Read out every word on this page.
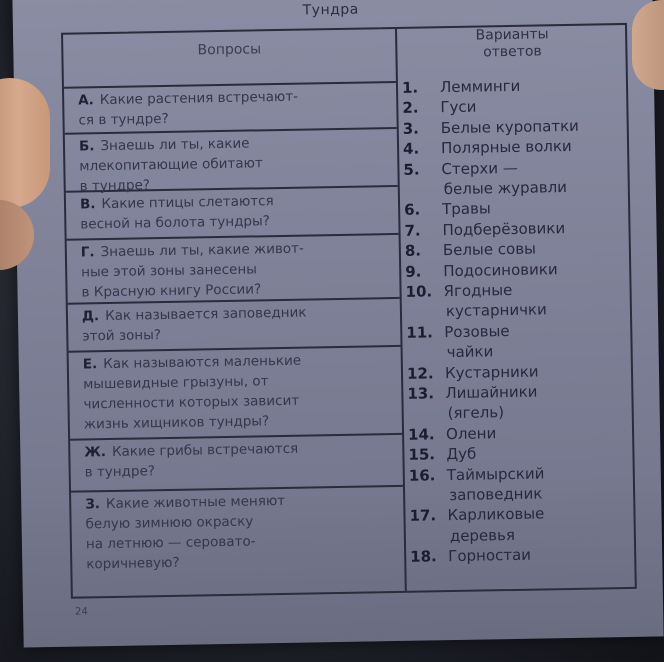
Тундра
Вопросы
Варианты
ответов
А. Какие растения встречают-
ся в тундре?
Б. Знаешь ли ты, какие
млекопитающие обитают
в тундре?
В. Какие птицы слетаются
весной на болота тундры?
Г. Знаешь ли ты, какие живот-
ные этой зоны занесены
в Красную книгу России?
Д. Как называется заповедник
этой зоны?
Е. Как называются маленькие
мышевидные грызуны, от
численности которых зависит
жизнь хищников тундры?
Ж. Какие грибы встречаются
в тундре?
З. Какие животные меняют
белую зимнюю окраску
на летнюю — серовато-
коричневую?
1. Лемминги
2. Гуси
3. Белые куропатки
4. Полярные волки
5. Стерхи —
белые журавли
6. Травы
7. Подберёзовики
8. Белые совы
9. Подосиновики
10. Ягодные
кустарнички
11. Розовые
чайки
12. Кустарники
13. Лишайники
(ягель)
14. Олени
15. Дуб
16. Таймырский
заповедник
17. Карликовые
деревья
18. Горностаи
24
